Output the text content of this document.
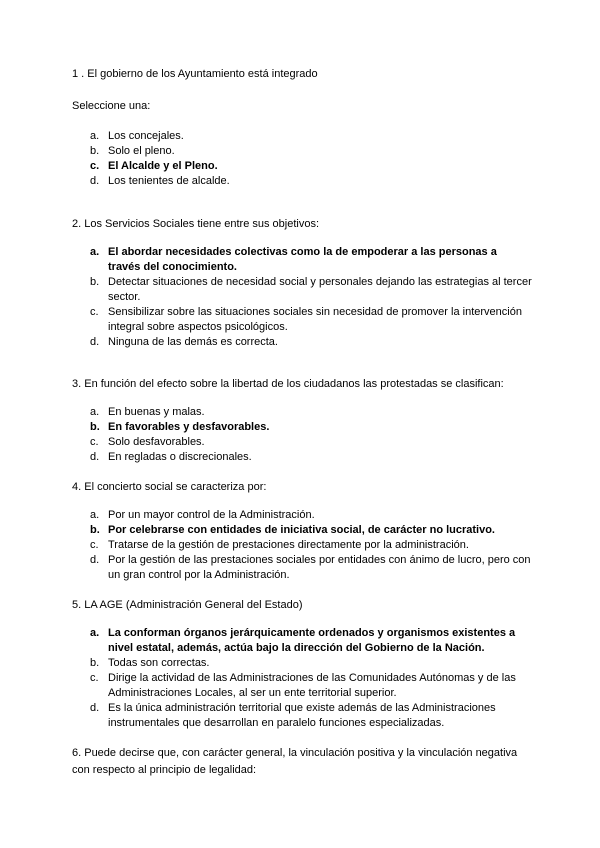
1 . El gobierno de los Ayuntamiento está integrado

Seleccione una:

a. Los concejales.
b. Solo el pleno.
c. El Alcalde y el Pleno.
d. Los tenientes de alcalde.

2. Los Servicios Sociales tiene entre sus objetivos:

a. El abordar necesidades colectivas como la de empoderar a las personas a través del conocimiento.
b. Detectar situaciones de necesidad social y personales dejando las estrategias al tercer sector.
c. Sensibilizar sobre las situaciones sociales sin necesidad de promover la intervención integral sobre aspectos psicológicos.
d. Ninguna de las demás es correcta.

3. En función del efecto sobre la libertad de los ciudadanos las protestadas se clasifican:

a. En buenas y malas.
b. En favorables y desfavorables.
c. Solo desfavorables.
d. En regladas o discrecionales.

4. El concierto social se caracteriza por:

a. Por un mayor control de la Administración.
b. Por celebrarse con entidades de iniciativa social, de carácter no lucrativo.
c. Tratarse de la gestión de prestaciones directamente por la administración.
d. Por la gestión de las prestaciones sociales por entidades con ánimo de lucro, pero con un gran control por la Administración.

5. LA AGE (Administración General del Estado)

a. La conforman órganos jerárquicamente ordenados y organismos existentes a nivel estatal, además, actúa bajo la dirección del Gobierno de la Nación.
b. Todas son correctas.
c. Dirige la actividad de las Administraciones de las Comunidades Autónomas y de las Administraciones Locales, al ser un ente territorial superior.
d. Es la única administración territorial que existe además de las Administraciones instrumentales que desarrollan en paralelo funciones especializadas.

6. Puede decirse que, con carácter general, la vinculación positiva y la vinculación negativa con respecto al principio de legalidad:
